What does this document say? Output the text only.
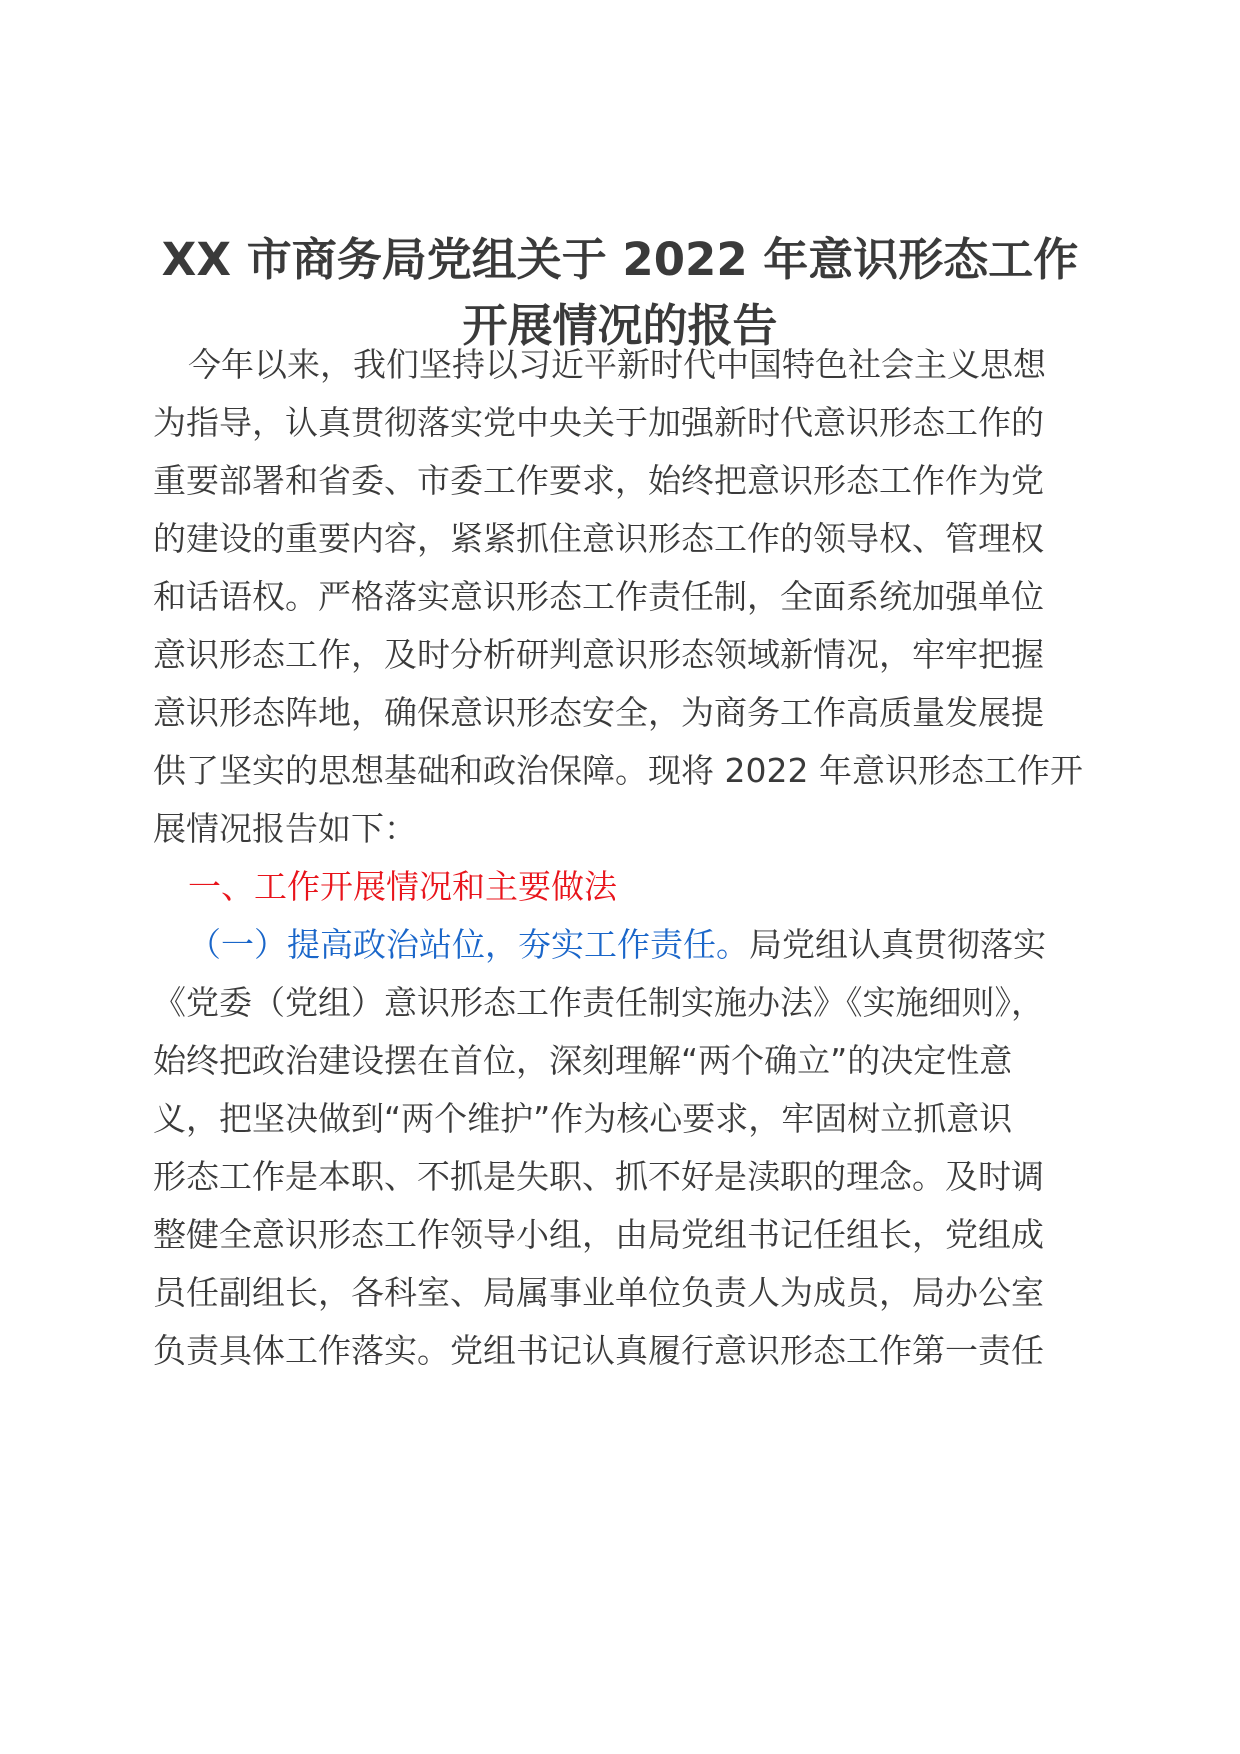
XX 市商务局党组关于 2022 年意识形态工作
开展情况的报告
今年以来，我们坚持以习近平新时代中国特色社会主义思想
为指导，认真贯彻落实党中央关于加强新时代意识形态工作的
重要部署和省委、市委工作要求，始终把意识形态工作作为党
的建设的重要内容，紧紧抓住意识形态工作的领导权、管理权
和话语权。严格落实意识形态工作责任制，全面系统加强单位
意识形态工作，及时分析研判意识形态领域新情况，牢牢把握
意识形态阵地，确保意识形态安全，为商务工作高质量发展提
供了坚实的思想基础和政治保障。现将 2022 年意识形态工作开
展情况报告如下：
一、工作开展情况和主要做法
（一）提高政治站位，夯实工作责任。局党组认真贯彻落实
《党委（党组）意识形态工作责任制实施办法》《实施细则》，
始终把政治建设摆在首位，深刻理解“两个确立”的决定性意
义，把坚决做到“两个维护”作为核心要求，牢固树立抓意识
形态工作是本职、不抓是失职、抓不好是渎职的理念。及时调
整健全意识形态工作领导小组，由局党组书记任组长，党组成
员任副组长，各科室、局属事业单位负责人为成员，局办公室
负责具体工作落实。党组书记认真履行意识形态工作第一责任
